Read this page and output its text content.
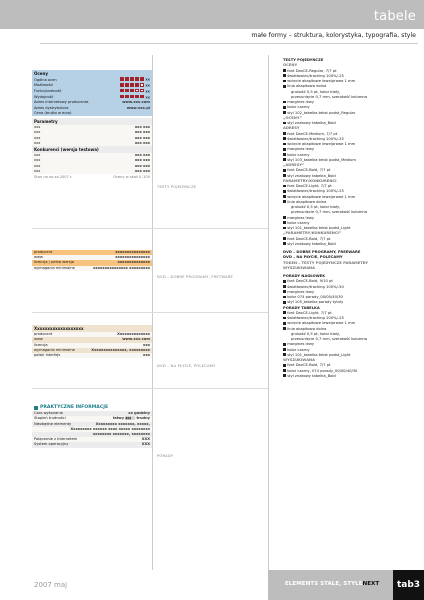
tabele
małe formy – struktura, kolorystyka, typografia, style
Oceny
Ogólna ocen	xx
Możliwości	xx
Funkcjonalność	xx
Wydajność	xx
Adres internetowy producenta	www.xxx.com
Adres dystrybutora	www.xxx.pl
Cena (brutto w euro)
Parametry
xxx	xxx xxx
xxx	xxx xxx
xxx	xxx xxx
xxx	xxx xxx
Konkurenci (wersja testowa)
xxx	xxx xxx
xxx	xxx xxx
xxx	xxx xxx
xxx	xxx xxx
Stan na xx.xx.2007 r.	Oceny w skali 0–100
TESTY POJEDYNCZE
producent	xxxxxxxxxxxxxxx
www	xxxxxxxxxxxxxxx
licencja / pełna wersja	xxxxxxxxxxxxxx
wymagania minimalne	xxxxxxxxxxxxxxx xxxxxxxxx
DVD – DOBRE PROGRAMY, FRETWARE
Xxxxxxxxxxxxxxxxxxx
producent	Xxxxxxxxxxxxxx
www	www.xxx.com
licencja	xxx
wymagania minimalne	Xxxxxxxxxxxxxxx, xxxxxxxxx
polski interfejs	xxx
DVD – NA PŁYCIE, POLECAMY
PRAKTYCZNE INFORMACJE
Czas wykonania	xx godziny
Stopień trudności	łatwy ▮▮▮▯▯ trudny
Niezbędne elementy	Xxxxxxxxx xxxxxxx, xxxxx,
Xxxxxxxxx xxxxxx xxxx xxxxx xxxxxxxx
xxxxxxxx xxxxxxx, xxxxxxxx
Połączenie z Internetem	XXX
System operacyjny	XXX
PORADY
TESTY POJEDYNCZE
OCENY
font DaxCE-Regular, 7/7 pt
światłowiec/tracking 100%/-25
wcięcie akapitowe lewe/prawe 1 mm
linia akapitowa dolna
grubość 0,5 pt, kolor biały,
przesunięcie 0,7 mm, szerokość kolumna
margines lewy
kolor czarny
styl 102_tabelka tekst podst_Regular
„OCENY”
styl znakowy tabelka_Bold
ADRESY
font DaxCE-Medium, 7/7 pt
światłowiec/tracking 100%/-25
wcięcie akapitowe lewe/prawe 1 mm
margines lewy
kolor czarny
styl 103_tabelka tekst podst_Medium
„ADRESY”
font DaxCE-Bold, 7/7 pt
styl znakowy tabelka_Bold
PARAMETRY/KONKURENCI
font DaxCE-Light, 7/7 pt
światłowiec/tracking 100%/-25
wcięcie akapitowe lewe/prawe 1 mm
linia akapitowa dolna
grubość 0,5 pt, kolor biały,
przesunięcie 0,7 mm, szerokość kolumna
margines lewy
kolor czarny
styl 101_tabelka tekst podst_Light
„PARAMETRY/KONKURENCI”
font DaxCE-Bold, 7/7 pt
styl znakowy tabelka_Bold
DVD – DOBRE PROGRAMY, FREEWARE
DVD – NA PŁYCIE, POLECAMY
TOKEN – TESTY POJEDYNCZE PARAMETRY
WYSZUKIWANA
PORADY NAGŁÓWEK
font DaxCE-Bold, 9/10 pt
światłowiec/tracking 100%/-50
margines lewy
kolor 074 porady_00/00/40/30
styl 105_tabelka porady tytuły
PORADY TABELKA
font DaxCE-Light, 7/7 pt
światłowiec/tracking 100%/-25
wcięcie akapitowe lewe/prawe 1 mm
linia akapitowa dolna
grubość 0,5 pt, kolor biały,
przesunięcie 0,7 mm, szerokość kolumna
margines lewy
kolor czarny
styl 101_tabelka tekst podst_Light
WYSZUKIWANA
font DaxCE-Bold, 7/7 pt
kolor czarny, 074 porady_00/00/40/30
styl znakowy tabelka_Bold
2007 maj	ELEMENTS STALE, STYLENEXT	tab3
